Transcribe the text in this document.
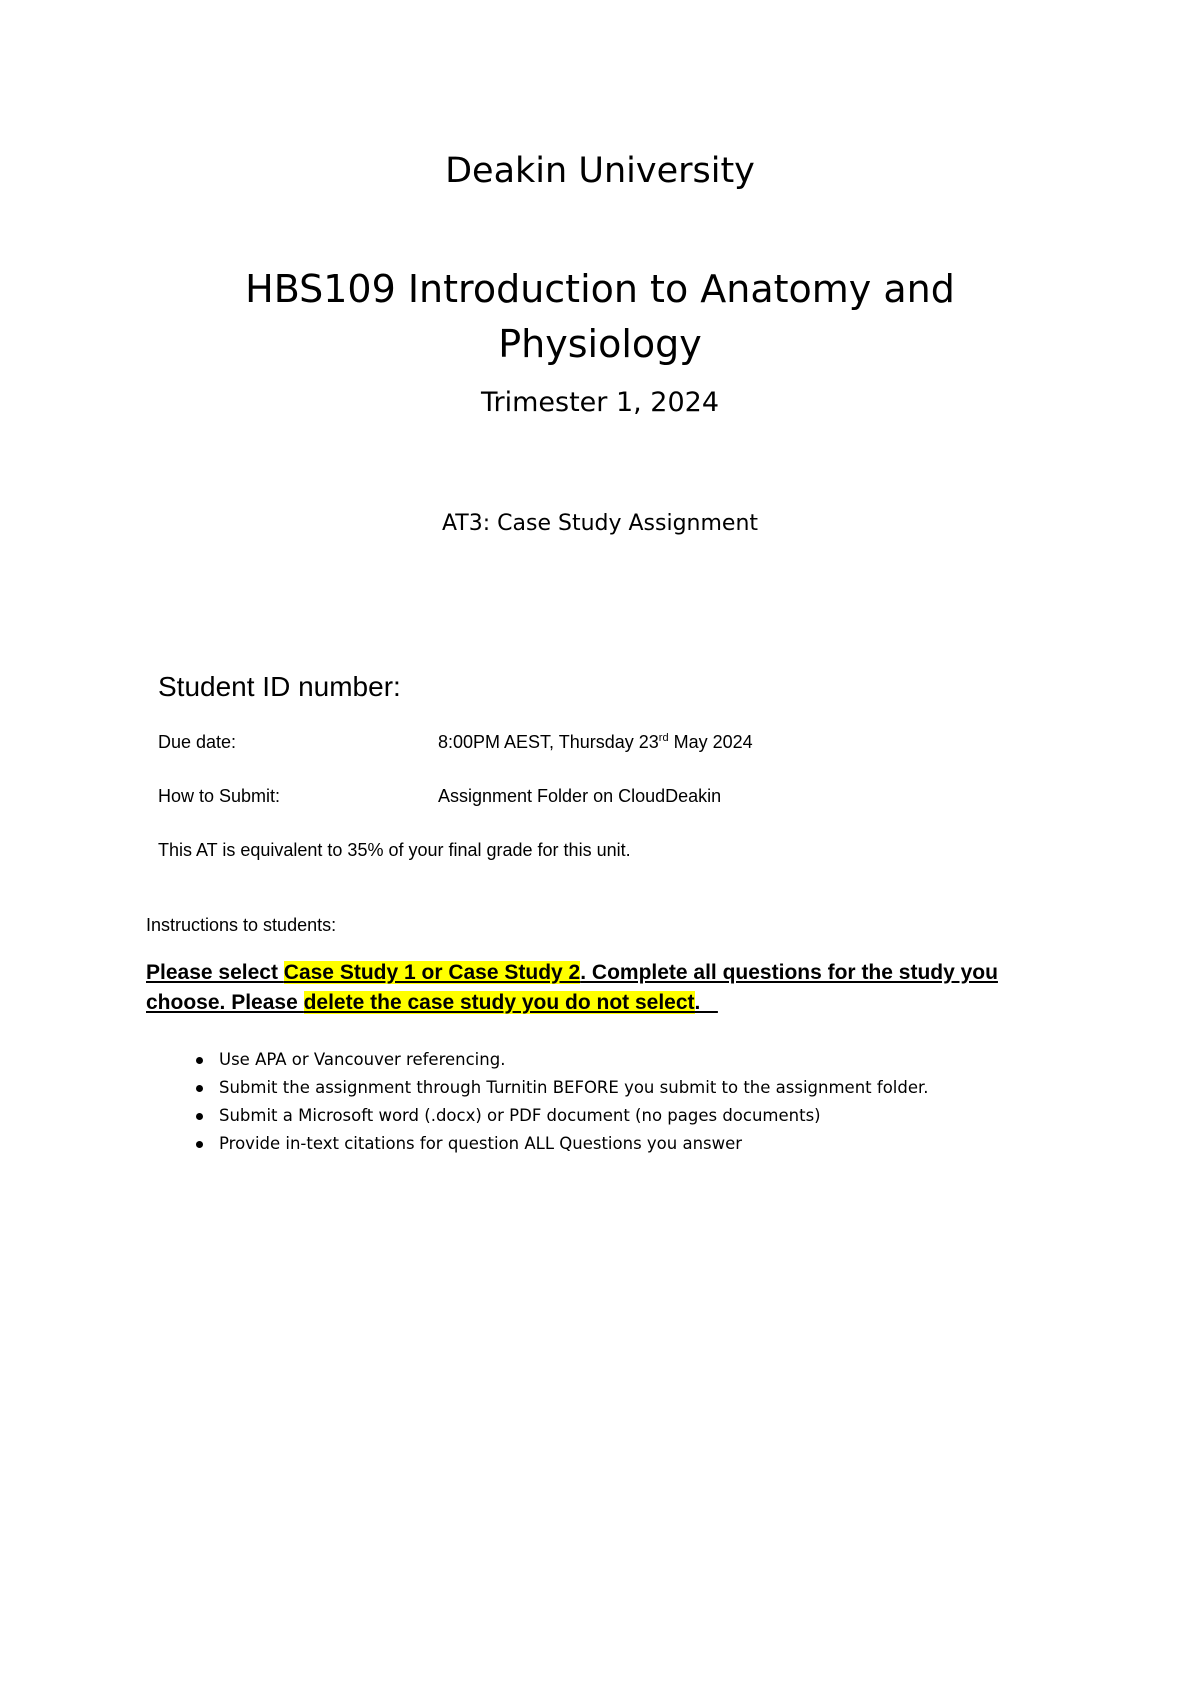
Deakin University
HBS109 Introduction to Anatomy and Physiology
Trimester 1, 2024
AT3: Case Study Assignment
Student ID number:
Due date:	8:00PM AEST, Thursday 23rd May 2024
How to Submit:	Assignment Folder on CloudDeakin
This AT is equivalent to 35% of your final grade for this unit.
Instructions to students:
Please select Case Study 1 or Case Study 2. Complete all questions for the study you choose. Please delete the case study you do not select.
Use APA or Vancouver referencing.
Submit the assignment through Turnitin BEFORE you submit to the assignment folder.
Submit a Microsoft word (.docx) or PDF document (no pages documents)
Provide in-text citations for question ALL Questions you answer
